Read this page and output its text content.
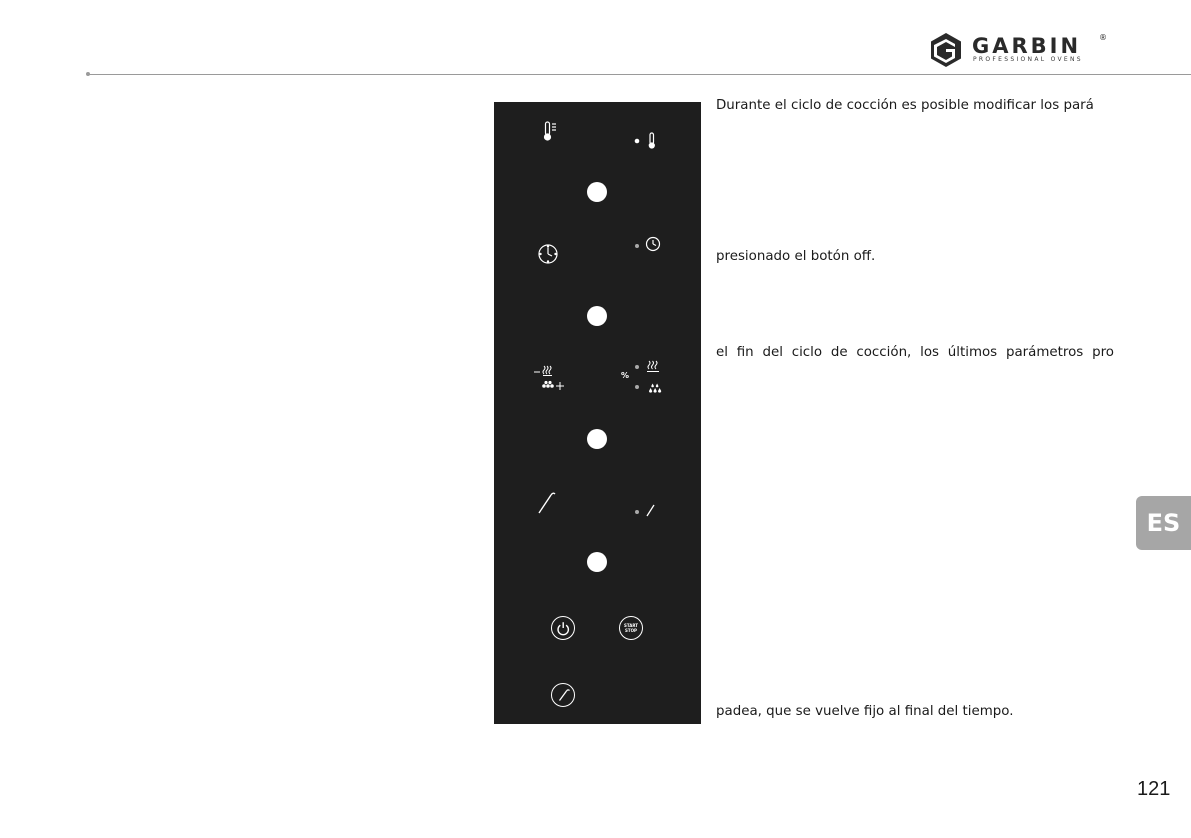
GARBIN ®
PROFESSIONAL OVENS
%
START
STOP
Durante el ciclo de cocción es posible modificar los pará
presionado el botón off.
el fin del ciclo de cocción, los últimos parámetros pro
padea, que se vuelve fijo al final del tiempo.
ES
121
